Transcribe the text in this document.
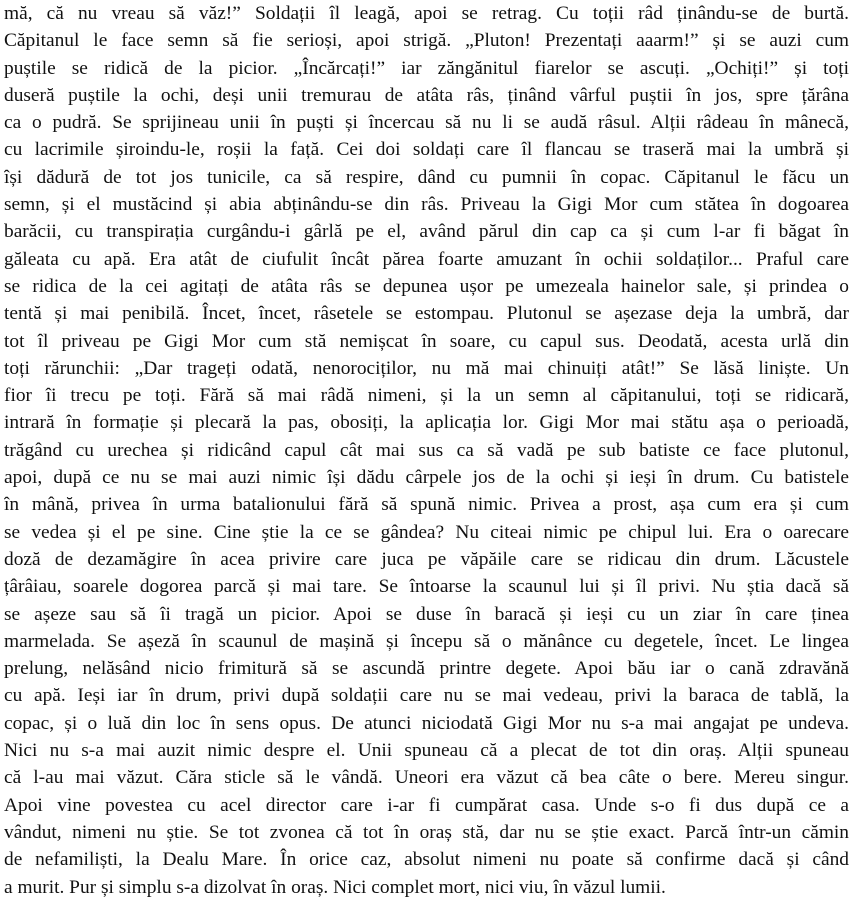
mă, că nu vreau să văz!” Soldații îl leagă, apoi se retrag. Cu toții râd ținându-se de burtă.
Căpitanul le face semn să fie serioși, apoi strigă. „Pluton! Prezentați aaarm!” și se auzi cum
puștile se ridică de la picior. „Încărcați!” iar zăngănitul fiarelor se ascuți. „Ochiți!” și toți
duseră puștile la ochi, deși unii tremurau de atâta râs, ținând vârful puștii în jos, spre țărâna
ca o pudră. Se sprijineau unii în puști și încercau să nu li se audă râsul. Alții râdeau în mânecă,
cu lacrimile șiroindu-le, roșii la față. Cei doi soldați care îl flancau se traseră mai la umbră și
își dădură de tot jos tunicile, ca să respire, dând cu pumnii în copac. Căpitanul le făcu un
semn, și el mustăcind și abia abținându-se din râs. Priveau la Gigi Mor cum stătea în dogoarea
barăcii, cu transpirația curgându-i gârlă pe el, având părul din cap ca și cum l-ar fi băgat în
găleata cu apă. Era atât de ciufulit încât părea foarte amuzant în ochii soldaților... Praful care
se ridica de la cei agitați de atâta râs se depunea ușor pe umezeala hainelor sale, și prindea o
tentă și mai penibilă. Încet, încet, râsetele se estompau. Plutonul se așezase deja la umbră, dar
tot îl priveau pe Gigi Mor cum stă nemișcat în soare, cu capul sus. Deodată, acesta urlă din
toți rărunchii: „Dar trageți odată, nenorociților, nu mă mai chinuiți atât!” Se lăsă liniște. Un
fior îi trecu pe toți. Fără să mai râdă nimeni, și la un semn al căpitanului, toți se ridicară,
intrară în formație și plecară la pas, obosiți, la aplicația lor. Gigi Mor mai stătu așa o perioadă,
trăgând cu urechea și ridicând capul cât mai sus ca să vadă pe sub batiste ce face plutonul,
apoi, după ce nu se mai auzi nimic își dădu cârpele jos de la ochi și ieși în drum. Cu batistele
în mână, privea în urma batalionului fără să spună nimic. Privea a prost, așa cum era și cum
se vedea și el pe sine. Cine știe la ce se gândea? Nu citeai nimic pe chipul lui. Era o oarecare
doză de dezamăgire în acea privire care juca pe văpăile care se ridicau din drum. Lăcustele
țârâiau, soarele dogorea parcă și mai tare. Se întoarse la scaunul lui și îl privi. Nu știa dacă să
se așeze sau să îi tragă un picior. Apoi se duse în baracă și ieși cu un ziar în care ținea
marmelada. Se așeză în scaunul de mașină și începu să o mănânce cu degetele, încet. Le lingea
prelung, nelăsând nicio frimitură să se ascundă printre degete. Apoi bău iar o cană zdravănă
cu apă. Ieși iar în drum, privi după soldații care nu se mai vedeau, privi la baraca de tablă, la
copac, și o luă din loc în sens opus. De atunci niciodată Gigi Mor nu s-a mai angajat pe undeva.
Nici nu s-a mai auzit nimic despre el. Unii spuneau că a plecat de tot din oraș. Alții spuneau
că l-au mai văzut. Căra sticle să le vândă. Uneori era văzut că bea câte o bere. Mereu singur.
Apoi vine povestea cu acel director care i-ar fi cumpărat casa. Unde s-o fi dus după ce a
vândut, nimeni nu știe. Se tot zvonea că tot în oraș stă, dar nu se știe exact. Parcă într-un cămin
de nefamiliști, la Dealu Mare. În orice caz, absolut nimeni nu poate să confirme dacă și când
a murit. Pur și simplu s-a dizolvat în oraș. Nici complet mort, nici viu, în văzul lumii.
